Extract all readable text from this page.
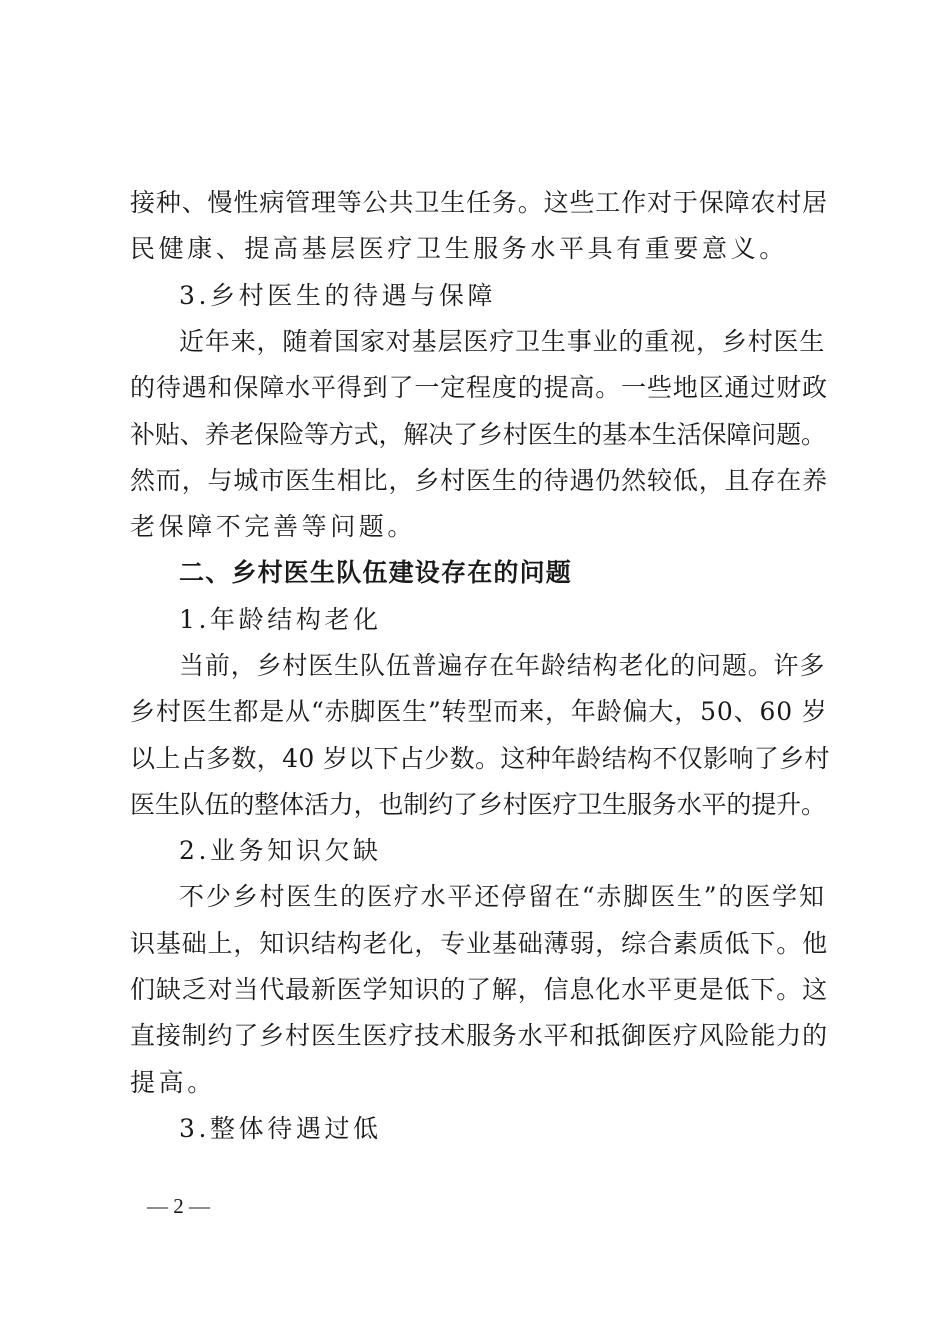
接种、慢性病管理等公共卫生任务。这些工作对于保障农村居
民健康、提高基层医疗卫生服务水平具有重要意义。
3.乡村医生的待遇与保障
近年来，随着国家对基层医疗卫生事业的重视，乡村医生
的待遇和保障水平得到了一定程度的提高。一些地区通过财政
补贴、养老保险等方式，解决了乡村医生的基本生活保障问题。
然而，与城市医生相比，乡村医生的待遇仍然较低，且存在养
老保障不完善等问题。
二、乡村医生队伍建设存在的问题
1.年龄结构老化
当前，乡村医生队伍普遍存在年龄结构老化的问题。许多
乡村医生都是从“赤脚医生”转型而来，年龄偏大，50、60 岁
以上占多数，40 岁以下占少数。这种年龄结构不仅影响了乡村
医生队伍的整体活力，也制约了乡村医疗卫生服务水平的提升。
2.业务知识欠缺
不少乡村医生的医疗水平还停留在“赤脚医生”的医学知
识基础上，知识结构老化，专业基础薄弱，综合素质低下。他
们缺乏对当代最新医学知识的了解，信息化水平更是低下。这
直接制约了乡村医生医疗技术服务水平和抵御医疗风险能力的
提高。
3.整体待遇过低
— 2 —
